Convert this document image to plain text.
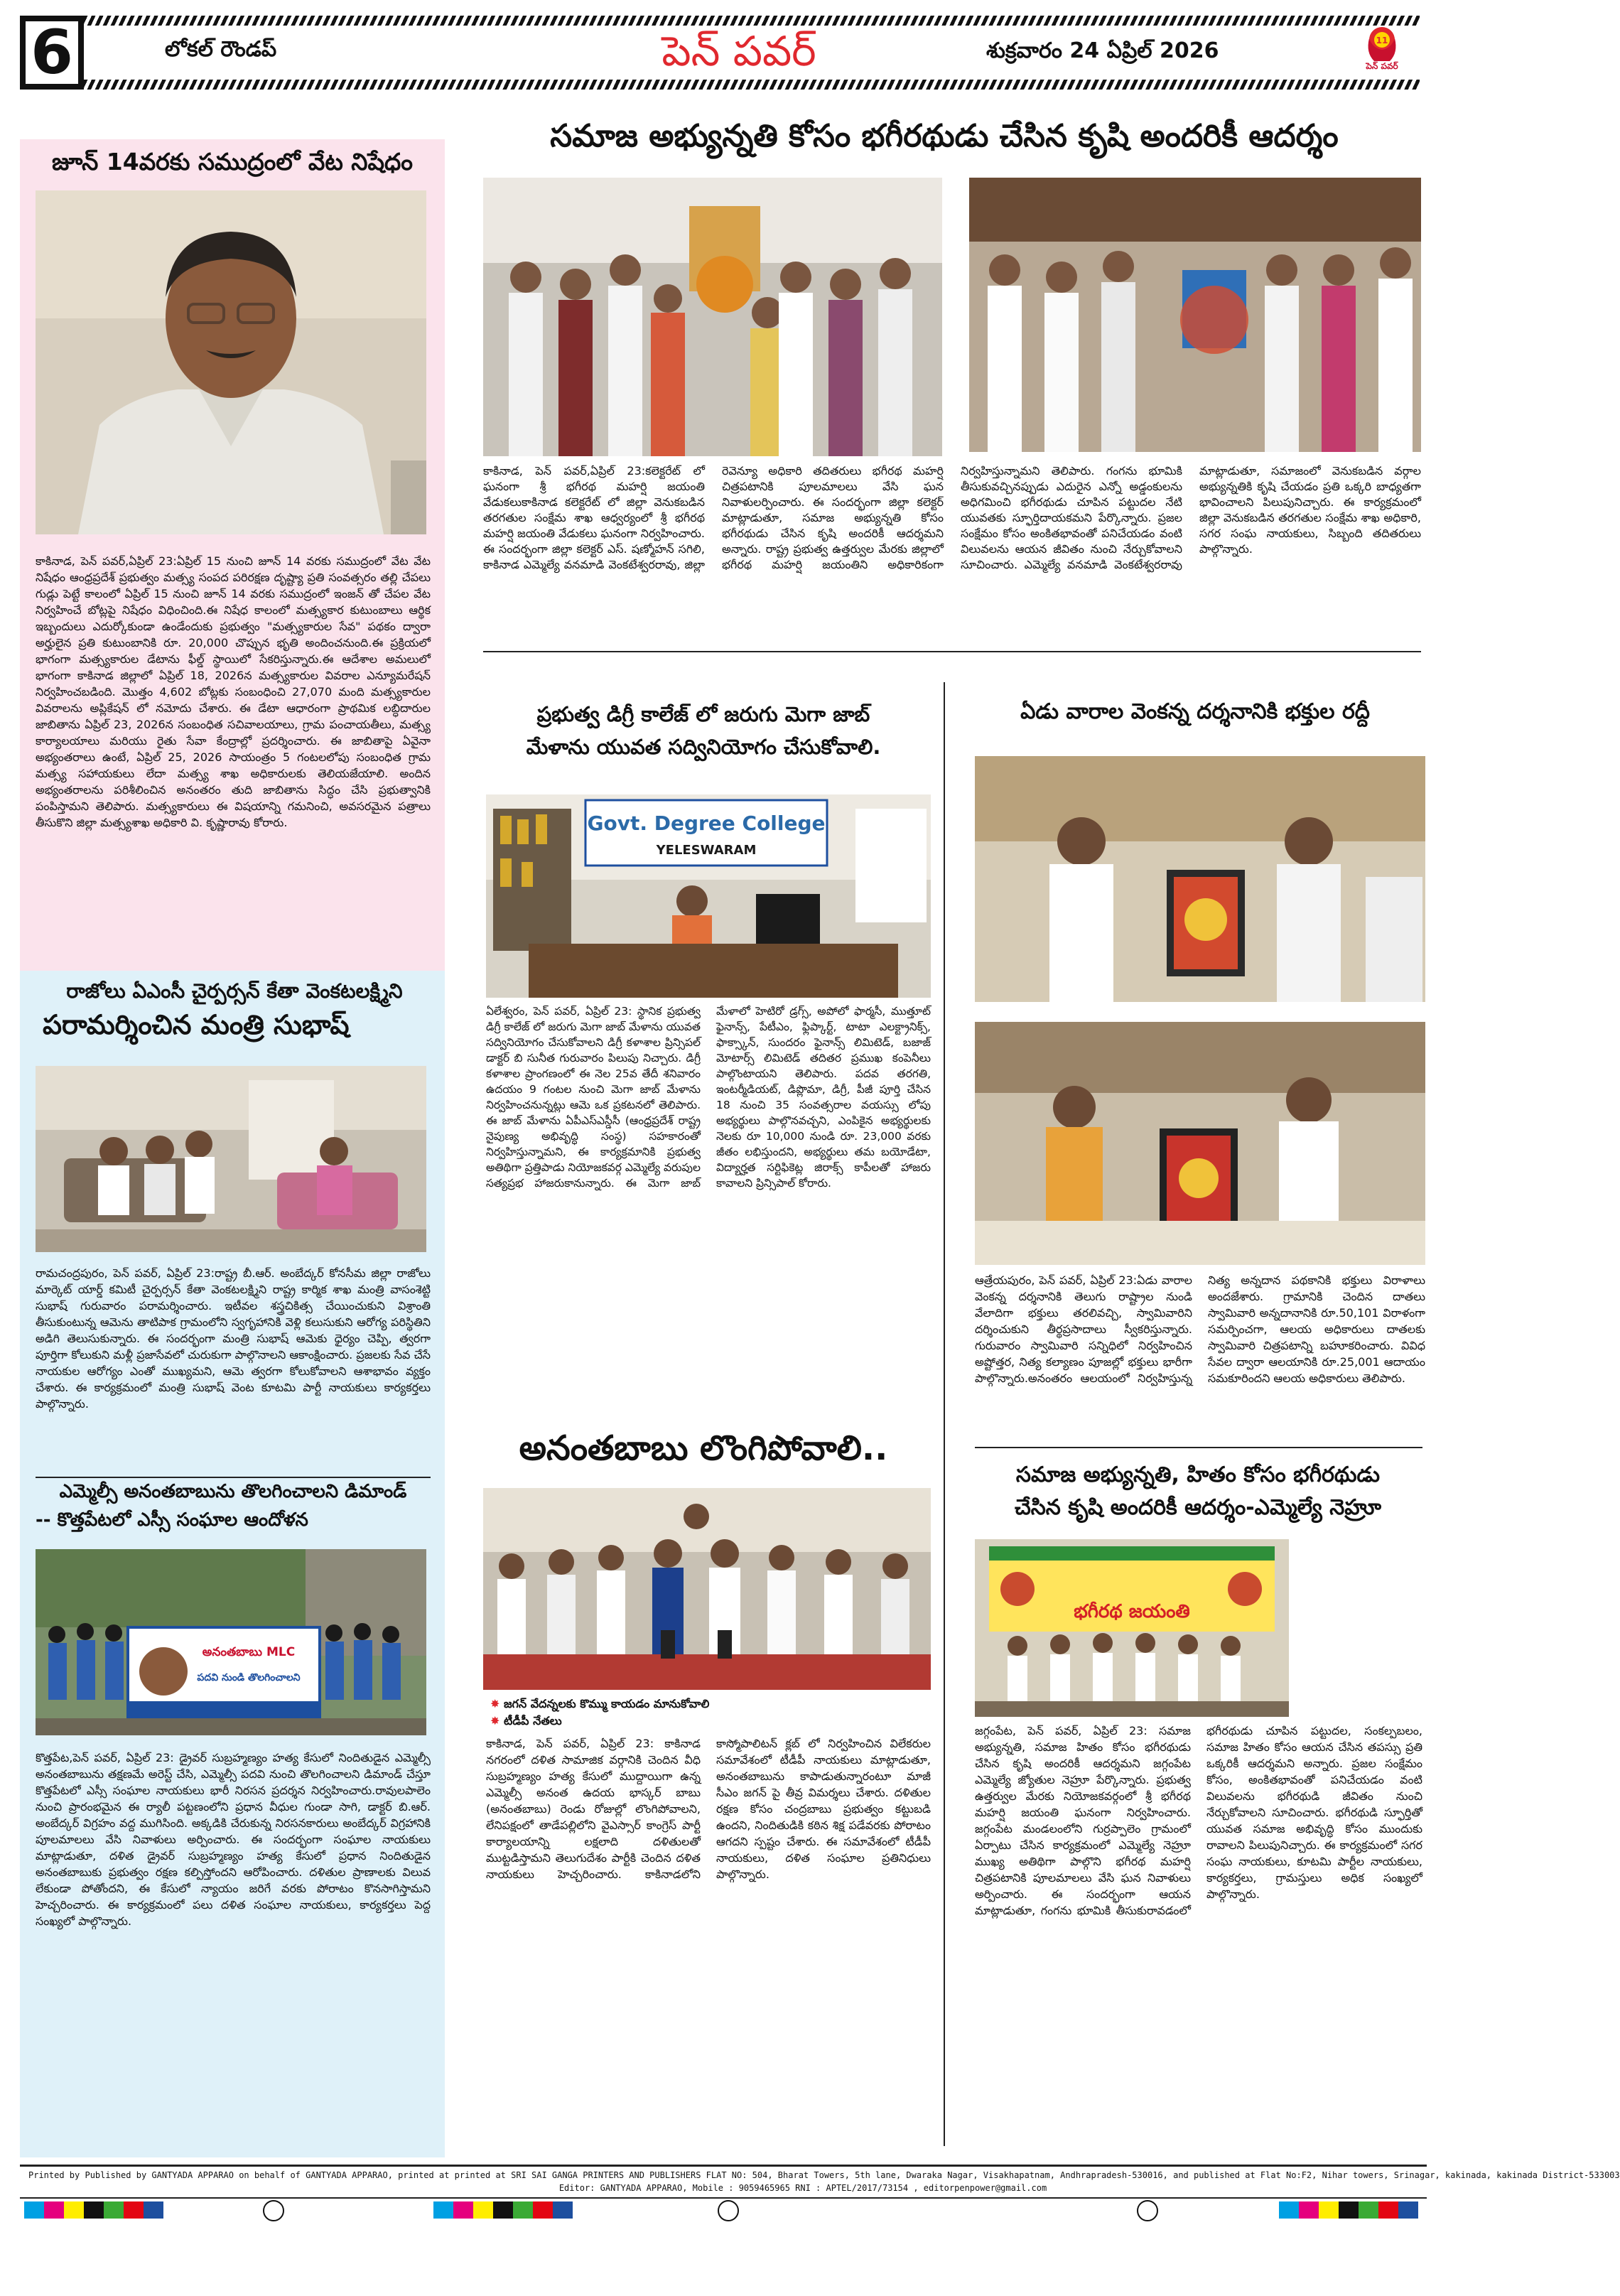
6	లోకల్ రౌండప్	పెన్ పవర్	శుక్రవారం 24 ఏప్రిల్ 2026	11
పెన్ పవర్
జూన్ 14వరకు సముద్రంలో వేట నిషేధం
కాకినాడ, పెన్ పవర్,ఏప్రిల్ 23:ఏప్రిల్ 15 నుంచి జూన్ 14 వరకు సముద్రంలో వేట వేట నిషేధం ఆంధ్రప్రదేశ్ ప్రభుత్వం మత్స్య సంపద పరిరక్షణ దృష్ట్యా ప్రతి సంవత్సరం తల్లి చేపలు గుడ్లు పెట్టే కాలంలో ఏప్రిల్ 15 నుంచి జూన్ 14 వరకు సముద్రంలో ఇంజన్ తో చేపల వేట నిర్వహించే బోట్లపై నిషేధం విధించింది.ఈ నిషేధ కాలంలో మత్స్యకార కుటుంబాలు ఆర్థిక ఇబ్బందులు ఎదుర్కోకుండా ఉండేందుకు ప్రభుత్వం "మత్స్యకారుల సేవ" పథకం ద్వారా అర్హులైన ప్రతి కుటుంబానికి రూ. 20,000 చొప్పున భృతి అందించనుంది.ఈ ప్రక్రియలో భాగంగా మత్స్యకారుల డేటాను ఫీల్డ్ స్థాయిలో సేకరిస్తున్నారు.ఈ ఆదేశాల అమలులో భాగంగా కాకినాడ జిల్లాలో ఏప్రిల్ 18, 2026న మత్స్యకారుల వివరాల ఎన్యూమరేషన్ నిర్వహించబడింది. మొత్తం 4,602 బోట్లకు సంబంధించి 27,070 మంది మత్స్యకారుల వివరాలను అప్లికేషన్ లో నమోదు చేశారు. ఈ డేటా ఆధారంగా ప్రాథమిక లబ్ధిదారుల జాబితాను ఏప్రిల్ 23, 2026న సంబంధిత సచివాలయాలు, గ్రామ పంచాయతీలు, మత్స్య కార్యాలయాలు మరియు రైతు సేవా కేంద్రాల్లో ప్రదర్శించారు. ఈ జాబితాపై ఏవైనా అభ్యంతరాలు ఉంటే, ఏప్రిల్ 25, 2026 సాయంత్రం 5 గంటలలోపు సంబంధిత గ్రామ మత్స్య సహాయకులు లేదా మత్స్య శాఖ అధికారులకు తెలియజేయాలి. అందిన అభ్యంతరాలను పరిశీలించిన అనంతరం తుది జాబితాను సిద్ధం చేసి ప్రభుత్వానికి పంపిస్తామని తెలిపారు. మత్స్యకారులు ఈ విషయాన్ని గమనించి, అవసరమైన పత్రాలు తీసుకొని జిల్లా మత్స్యశాఖ అధికారి వి. కృష్ణారావు కోరారు.
రాజోలు ఏఎంసీ చైర్పర్సన్ కేతా వెంకటలక్ష్మిని
పరామర్శించిన మంత్రి సుభాష్
రామచంద్రపురం, పెన్ పవర్, ఏప్రిల్ 23:రాష్ట్ర బీ.ఆర్. అంబేద్కర్ కోనసీమ జిల్లా రాజోలు మార్కెట్ యార్డ్ కమిటీ చైర్పర్సన్ కేతా వెంకటలక్ష్మిని రాష్ట్ర కార్మిక శాఖ మంత్రి వాసంశెట్టి సుభాష్ గురువారం పరామర్శించారు. ఇటీవల శస్త్రచికిత్స చేయించుకుని విశ్రాంతి తీసుకుంటున్న ఆమెను తాటిపాక గ్రామంలోని స్వగృహానికి వెళ్లి కలుసుకుని ఆరోగ్య పరిస్థితిని అడిగి తెలుసుకున్నారు. ఈ సందర్భంగా మంత్రి సుభాష్ ఆమెకు ధైర్యం చెప్పి, త్వరగా పూర్తిగా కోలుకుని మళ్లీ ప్రజాసేవలో చురుకుగా పాల్గొనాలని ఆకాంక్షించారు. ప్రజలకు సేవ చేసే నాయకుల ఆరోగ్యం ఎంతో ముఖ్యమని, ఆమె త్వరగా కోలుకోవాలని ఆశాభావం వ్యక్తం చేశారు. ఈ కార్యక్రమంలో మంత్రి సుభాష్ వెంట కూటమి పార్టీ నాయకులు కార్యకర్తలు పాల్గొన్నారు.
ఎమ్మెల్సీ అనంతబాబును తొలగించాలని డిమాండ్
-- కొత్తపేటలో ఎస్సీ సంఘాల ఆందోళన
అనంతబాబు MLC
పదవి నుండి తొలగించాలని
కొత్తపేట,పెన్ పవర్, ఏప్రిల్ 23: డ్రైవర్ సుబ్రహ్మణ్యం హత్య కేసులో నిందితుడైన ఎమ్మెల్సీ అనంతబాబును తక్షణమే అరెస్ట్ చేసి, ఎమ్మెల్సీ పదవి నుంచి తొలగించాలని డిమాండ్ చేస్తూ కొత్తపేటలో ఎస్సీ సంఘాల నాయకులు భారీ నిరసన ప్రదర్శన నిర్వహించారు.రావులపాలెం నుంచి ప్రారంభమైన ఈ ర్యాలీ పట్టణంలోని ప్రధాన వీధుల గుండా సాగి, డాక్టర్ బి.ఆర్. అంబేద్కర్ విగ్రహం వద్ద ముగిసింది. అక్కడికి చేరుకున్న నిరసనకారులు అంబేద్కర్ విగ్రహానికి పూలమాలలు వేసి నివాళులు అర్పించారు. ఈ సందర్భంగా సంఘాల నాయకులు మాట్లాడుతూ, దళిత డ్రైవర్ సుబ్రహ్మణ్యం హత్య కేసులో ప్రధాన నిందితుడైన అనంతబాబుకు ప్రభుత్వం రక్షణ కల్పిస్తోందని ఆరోపించారు. దళితుల ప్రాణాలకు విలువ లేకుండా పోతోందని, ఈ కేసులో న్యాయం జరిగే వరకు పోరాటం కొనసాగిస్తామని హెచ్చరించారు. ఈ కార్యక్రమంలో పలు దళిత సంఘాల నాయకులు, కార్యకర్తలు పెద్ద సంఖ్యలో పాల్గొన్నారు.
సమాజ అభ్యున్నతి కోసం భగీరథుడు చేసిన కృషి అందరికీ ఆదర్శం
కాకినాడ, పెన్ పవర్,ఏప్రిల్ 23:కలెక్టరేట్ లో ఘనంగా శ్రీ భగీరథ మహర్షి జయంతి వేడుకలుకాకినాడ కలెక్టరేట్ లో జిల్లా వెనుకబడిన తరగతుల సంక్షేమ శాఖ ఆధ్వర్యంలో శ్రీ భగీరథ మహర్షి జయంతి వేడుకలు ఘనంగా నిర్వహించారు. ఈ సందర్భంగా జిల్లా కలెక్టర్ ఎస్. షణ్మోహన్ సగిలి, కాకినాడ ఎమ్మెల్యే వనమాడి వెంకటేశ్వరరావు, జిల్లా రెవెన్యూ అధికారి తదితరులు భగీరథ మహర్షి చిత్రపటానికి పూలమాలలు వేసి ఘన నివాళులర్పించారు. ఈ సందర్భంగా జిల్లా కలెక్టర్ మాట్లాడుతూ, సమాజ అభ్యున్నతి కోసం భగీరథుడు చేసిన కృషి అందరికీ ఆదర్శమని అన్నారు. రాష్ట్ర ప్రభుత్వ ఉత్తర్వుల మేరకు జిల్లాలో భగీరథ మహర్షి జయంతిని అధికారికంగా నిర్వహిస్తున్నామని తెలిపారు. గంగను భూమికి తీసుకువచ్చినప్పుడు ఎదురైన ఎన్నో అడ్డంకులను అధిగమించి భగీరథుడు చూపిన పట్టుదల నేటి యువతకు స్ఫూర్తిదాయకమని పేర్కొన్నారు. ప్రజల సంక్షేమం కోసం అంకితభావంతో పనిచేయడం వంటి విలువలను ఆయన జీవితం నుంచి నేర్చుకోవాలని సూచించారు. ఎమ్మెల్యే వనమాడి వెంకటేశ్వరరావు మాట్లాడుతూ, సమాజంలో వెనుకబడిన వర్గాల అభ్యున్నతికి కృషి చేయడం ప్రతి ఒక్కరి బాధ్యతగా భావించాలని పిలుపునిచ్చారు. ఈ కార్యక్రమంలో జిల్లా వెనుకబడిన తరగతుల సంక్షేమ శాఖ అధికారి, సగర సంఘ నాయకులు, సిబ్బంది తదితరులు పాల్గొన్నారు.
ప్రభుత్వ డిగ్రీ కాలేజ్ లో జరుగు మెగా జాబ్
మేళాను యువత సద్వినియోగం చేసుకోవాలి.
Govt. Degree College
YELESWARAM
ఏలేశ్వరం, పెన్ పవర్, ఏప్రిల్ 23: స్థానిక ప్రభుత్వ డిగ్రీ కాలేజ్ లో జరుగు మెగా జాబ్ మేళాను యువత సద్వినియోగం చేసుకోవాలని డిగ్రీ కళాశాల ప్రిన్సిపల్ డాక్టర్ బి సునీత గురువారం పిలుపు నిచ్చారు. డిగ్రీ కళాశాల ప్రాంగణంలో ఈ నెల 25వ తేదీ శనివారం ఉదయం 9 గంటల నుంచి మెగా జాబ్ మేళాను నిర్వహించనున్నట్లు ఆమె ఒక ప్రకటనలో తెలిపారు. ఈ జాబ్ మేళాను ఏపీఎస్ఎస్డీసీ (ఆంధ్రప్రదేశ్ రాష్ట్ర నైపుణ్య అభివృద్ధి సంస్థ) సహకారంతో నిర్వహిస్తున్నామని, ఈ కార్యక్రమానికి ప్రభుత్వ అతిథిగా ప్రత్తిపాడు నియోజకవర్గ ఎమ్మెల్యే వరుపుల సత్యప్రభ హాజరుకానున్నారు. ఈ మెగా జాబ్ మేళాలో హెటిరో డ్రగ్స్, అపోలో ఫార్మసీ, ముత్తూట్ ఫైనాన్స్, పేటీఎం, ఫ్లిప్కార్ట్, టాటా ఎలక్ట్రానిక్స్, ఫాక్స్కాన్, సుందరం ఫైనాన్స్ లిమిటెడ్, బజాజ్ మోటార్స్ లిమిటెడ్ తదితర ప్రముఖ కంపెనీలు పాల్గొంటాయని తెలిపారు. పదవ తరగతి, ఇంటర్మీడియట్, డిప్లొమా, డిగ్రీ, పీజీ పూర్తి చేసిన 18 నుంచి 35 సంవత్సరాల వయస్సు లోపు అభ్యర్థులు పాల్గొనవచ్చని, ఎంపికైన అభ్యర్థులకు నెలకు రూ 10,000 నుండి రూ. 23,000 వరకు జీతం లభిస్తుందని, అభ్యర్థులు తమ బయోడేటా, విద్యార్హత సర్టిఫికెట్ల జిరాక్స్ కాపీలతో హాజరు కావాలని ప్రిన్సిపాల్ కోరారు.
అనంతబాబు లొంగిపోవాలి..
✸ జగన్ వేదన్నలకు కొమ్ము కాయడం మానుకోవాలి
✸ టీడీపీ నేతలు
కాకినాడ, పెన్ పవర్, ఏప్రిల్ 23: కాకినాడ నగరంలో దళిత సామాజిక వర్గానికి చెందిన వీధి సుబ్రహ్మణ్యం హత్య కేసులో ముద్దాయిగా ఉన్న ఎమ్మెల్సీ అనంత ఉదయ భాస్కర్ బాబు (అనంతబాబు) రెండు రోజుల్లో లొంగిపోవాలని, లేనిపక్షంలో తాడేపల్లిలోని వైఎస్సార్ కాంగ్రెస్ పార్టీ కార్యాలయాన్ని లక్షలాది దళితులతో ముట్టడిస్తామని తెలుగుదేశం పార్టీకి చెందిన దళిత నాయకులు హెచ్చరించారు. కాకినాడలోని కాస్మోపాలిటన్ క్లబ్ లో నిర్వహించిన విలేకరుల సమావేశంలో టీడీపీ నాయకులు మాట్లాడుతూ, అనంతబాబును కాపాడుతున్నారంటూ మాజీ సీఎం జగన్ పై తీవ్ర విమర్శలు చేశారు. దళితుల రక్షణ కోసం చంద్రబాబు ప్రభుత్వం కట్టుబడి ఉందని, నిందితుడికి కఠిన శిక్ష పడేవరకు పోరాటం ఆగదని స్పష్టం చేశారు. ఈ సమావేశంలో టీడీపీ నాయకులు, దళిత సంఘాల ప్రతినిధులు పాల్గొన్నారు.
ఏడు వారాల వెంకన్న దర్శనానికి భక్తుల రద్దీ
ఆత్రేయపురం, పెన్ పవర్, ఏప్రిల్ 23:ఏడు వారాల వెంకన్న దర్శనానికి తెలుగు రాష్ట్రాల నుండి వేలాదిగా భక్తులు తరలివచ్చి, స్వామివారిని దర్శించుకుని తీర్థప్రసాదాలు స్వీకరిస్తున్నారు. గురువారం స్వామివారి సన్నిధిలో నిర్వహించిన అష్టోత్తర, నిత్య కల్యాణం పూజల్లో భక్తులు భారీగా పాల్గొన్నారు.అనంతరం ఆలయంలో నిర్వహిస్తున్న నిత్య అన్నదాన పథకానికి భక్తులు విరాళాలు అందజేశారు. గ్రామానికి చెందిన దాతలు స్వామివారి అన్నదానానికి రూ.50,101 విరాళంగా సమర్పించగా, ఆలయ అధికారులు దాతలకు స్వామివారి చిత్రపటాన్ని బహూకరించారు. వివిధ సేవల ద్వారా ఆలయానికి రూ.25,001 ఆదాయం సమకూరిందని ఆలయ అధికారులు తెలిపారు.
సమాజ అభ్యున్నతి, హితం కోసం భగీరథుడు
చేసిన కృషి అందరికీ ఆదర్శం-ఎమ్మెల్యే నెహ్రూ
భగీరథ జయంతి
జగ్గంపేట, పెన్ పవర్, ఏప్రిల్ 23: సమాజ అభ్యున్నతి, సమాజ హితం కోసం భగీరథుడు చేసిన కృషి అందరికీ ఆదర్శమని జగ్గంపేట ఎమ్మెల్యే జ్యోతుల నెహ్రూ పేర్కొన్నారు. ప్రభుత్వ ఉత్తర్వుల మేరకు నియోజకవర్గంలో శ్రీ భగీరథ మహర్షి జయంతి ఘనంగా నిర్వహించారు. జగ్గంపేట మండలంలోని గుర్రప్పాలెం గ్రామంలో ఏర్పాటు చేసిన కార్యక్రమంలో ఎమ్మెల్యే నెహ్రూ ముఖ్య అతిథిగా పాల్గొని భగీరథ మహర్షి చిత్రపటానికి పూలమాలలు వేసి ఘన నివాళులు అర్పించారు. ఈ సందర్భంగా ఆయన మాట్లాడుతూ, గంగను భూమికి తీసుకురావడంలో భగీరథుడు చూపిన పట్టుదల, సంకల్పబలం, సమాజ హితం కోసం ఆయన చేసిన తపస్సు ప్రతి ఒక్కరికీ ఆదర్శమని అన్నారు. ప్రజల సంక్షేమం కోసం, అంకితభావంతో పనిచేయడం వంటి విలువలను భగీరథుడి జీవితం నుంచి నేర్చుకోవాలని సూచించారు. భగీరథుడి స్ఫూర్తితో యువత సమాజ అభివృద్ధి కోసం ముందుకు రావాలని పిలుపునిచ్చారు. ఈ కార్యక్రమంలో సగర సంఘ నాయకులు, కూటమి పార్టీల నాయకులు, కార్యకర్తలు, గ్రామస్తులు అధిక సంఖ్యలో పాల్గొన్నారు.
Printed by Published by GANTYADA APPARAO on behalf of GANTYADA APPARAO, printed at printed at SRI SAI GANGA PRINTERS AND PUBLISHERS FLAT NO: 504, Bharat Towers, 5th lane, Dwaraka Nagar, Visakhapatnam, Andhrapradesh-530016, and published at Flat No:F2, Nihar towers, Srinagar, kakinada, kakinada District-533003
Editor: GANTYADA APPARAO, Mobile : 9059465965 RNI : APTEL/2017/73154 , editorpenpower@gmail.com
